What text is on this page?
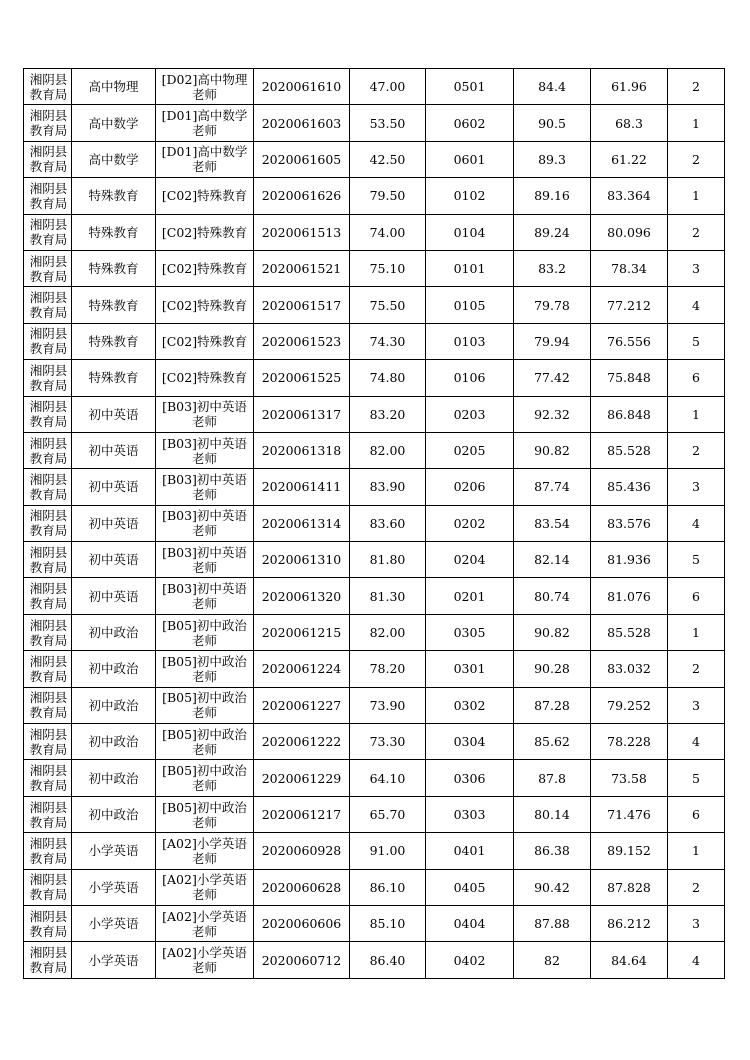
湘阴县教育局	高中物理	[D02]高中物理老师	2020061610	47.00	0501	84.4	61.96	2
湘阴县教育局	高中数学	[D01]高中数学老师	2020061603	53.50	0602	90.5	68.3	1
湘阴县教育局	高中数学	[D01]高中数学老师	2020061605	42.50	0601	89.3	61.22	2
湘阴县教育局	特殊教育	[C02]特殊教育	2020061626	79.50	0102	89.16	83.364	1
湘阴县教育局	特殊教育	[C02]特殊教育	2020061513	74.00	0104	89.24	80.096	2
湘阴县教育局	特殊教育	[C02]特殊教育	2020061521	75.10	0101	83.2	78.34	3
湘阴县教育局	特殊教育	[C02]特殊教育	2020061517	75.50	0105	79.78	77.212	4
湘阴县教育局	特殊教育	[C02]特殊教育	2020061523	74.30	0103	79.94	76.556	5
湘阴县教育局	特殊教育	[C02]特殊教育	2020061525	74.80	0106	77.42	75.848	6
湘阴县教育局	初中英语	[B03]初中英语老师	2020061317	83.20	0203	92.32	86.848	1
湘阴县教育局	初中英语	[B03]初中英语老师	2020061318	82.00	0205	90.82	85.528	2
湘阴县教育局	初中英语	[B03]初中英语老师	2020061411	83.90	0206	87.74	85.436	3
湘阴县教育局	初中英语	[B03]初中英语老师	2020061314	83.60	0202	83.54	83.576	4
湘阴县教育局	初中英语	[B03]初中英语老师	2020061310	81.80	0204	82.14	81.936	5
湘阴县教育局	初中英语	[B03]初中英语老师	2020061320	81.30	0201	80.74	81.076	6
湘阴县教育局	初中政治	[B05]初中政治老师	2020061215	82.00	0305	90.82	85.528	1
湘阴县教育局	初中政治	[B05]初中政治老师	2020061224	78.20	0301	90.28	83.032	2
湘阴县教育局	初中政治	[B05]初中政治老师	2020061227	73.90	0302	87.28	79.252	3
湘阴县教育局	初中政治	[B05]初中政治老师	2020061222	73.30	0304	85.62	78.228	4
湘阴县教育局	初中政治	[B05]初中政治老师	2020061229	64.10	0306	87.8	73.58	5
湘阴县教育局	初中政治	[B05]初中政治老师	2020061217	65.70	0303	80.14	71.476	6
湘阴县教育局	小学英语	[A02]小学英语老师	2020060928	91.00	0401	86.38	89.152	1
湘阴县教育局	小学英语	[A02]小学英语老师	2020060628	86.10	0405	90.42	87.828	2
湘阴县教育局	小学英语	[A02]小学英语老师	2020060606	85.10	0404	87.88	86.212	3
湘阴县教育局	小学英语	[A02]小学英语老师	2020060712	86.40	0402	82	84.64	4
